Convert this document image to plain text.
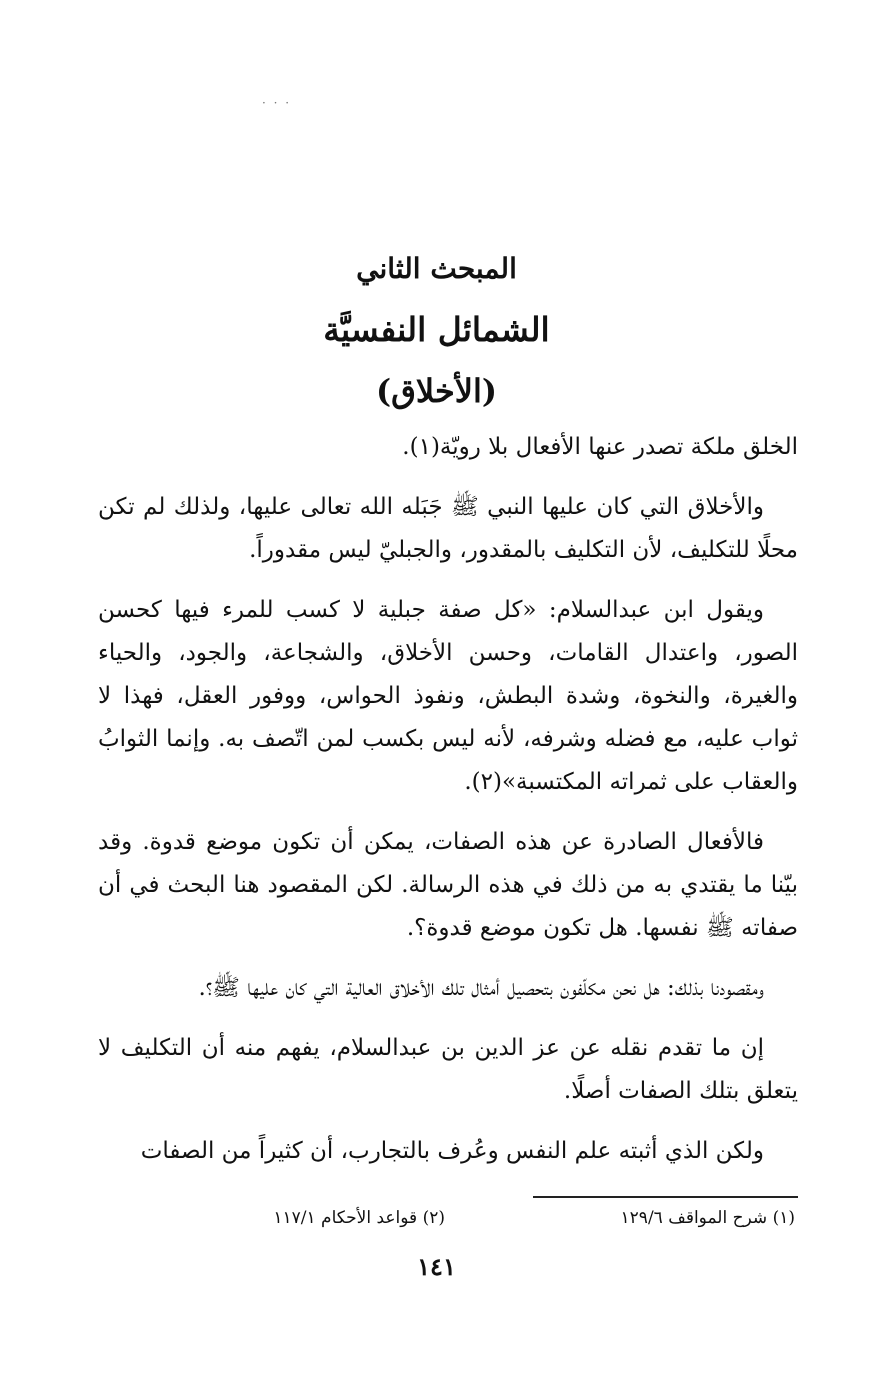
· · ·
المبحث الثاني
الشمائل النفسيَّة
(الأخلاق)

الخلق ملكة تصدر عنها الأفعال بلا رويّة(١).

والأخلاق التي كان عليها النبي ﷺ جَبَله الله تعالى عليها، ولذلك لم تكن محلًا للتكليف، لأن التكليف بالمقدور، والجبليّ ليس مقدوراً.

ويقول ابن عبدالسلام: «كل صفة جبلية لا كسب للمرء فيها كحسن الصور، واعتدال القامات، وحسن الأخلاق، والشجاعة، والجود، والحياء والغيرة، والنخوة، وشدة البطش، ونفوذ الحواس، ووفور العقل، فهذا لا ثواب عليه، مع فضله وشرفه، لأنه ليس بكسب لمن اتّصف به. وإنما الثوابُ والعقاب على ثمراته المكتسبة»(٢).

فالأفعال الصادرة عن هذه الصفات، يمكن أن تكون موضع قدوة. وقد بيّنا ما يقتدي به من ذلك في هذه الرسالة. لكن المقصود هنا البحث في أن صفاته ﷺ نفسها. هل تكون موضع قدوة؟.

ومقصودنا بذلك: هل نحن مكلّفون بتحصيل أمثال تلك الأخلاق العالية التي كان عليها ﷺ؟.

إن ما تقدم نقله عن عز الدين بن عبدالسلام، يفهم منه أن التكليف لا يتعلق بتلك الصفات أصلًا.

ولكن الذي أثبته علم النفس وعُرف بالتجارب، أن كثيراً من الصفات

(١) شرح المواقف ١٢٩/٦
(٢) قواعد الأحكام ١١٧/١
١٤١
